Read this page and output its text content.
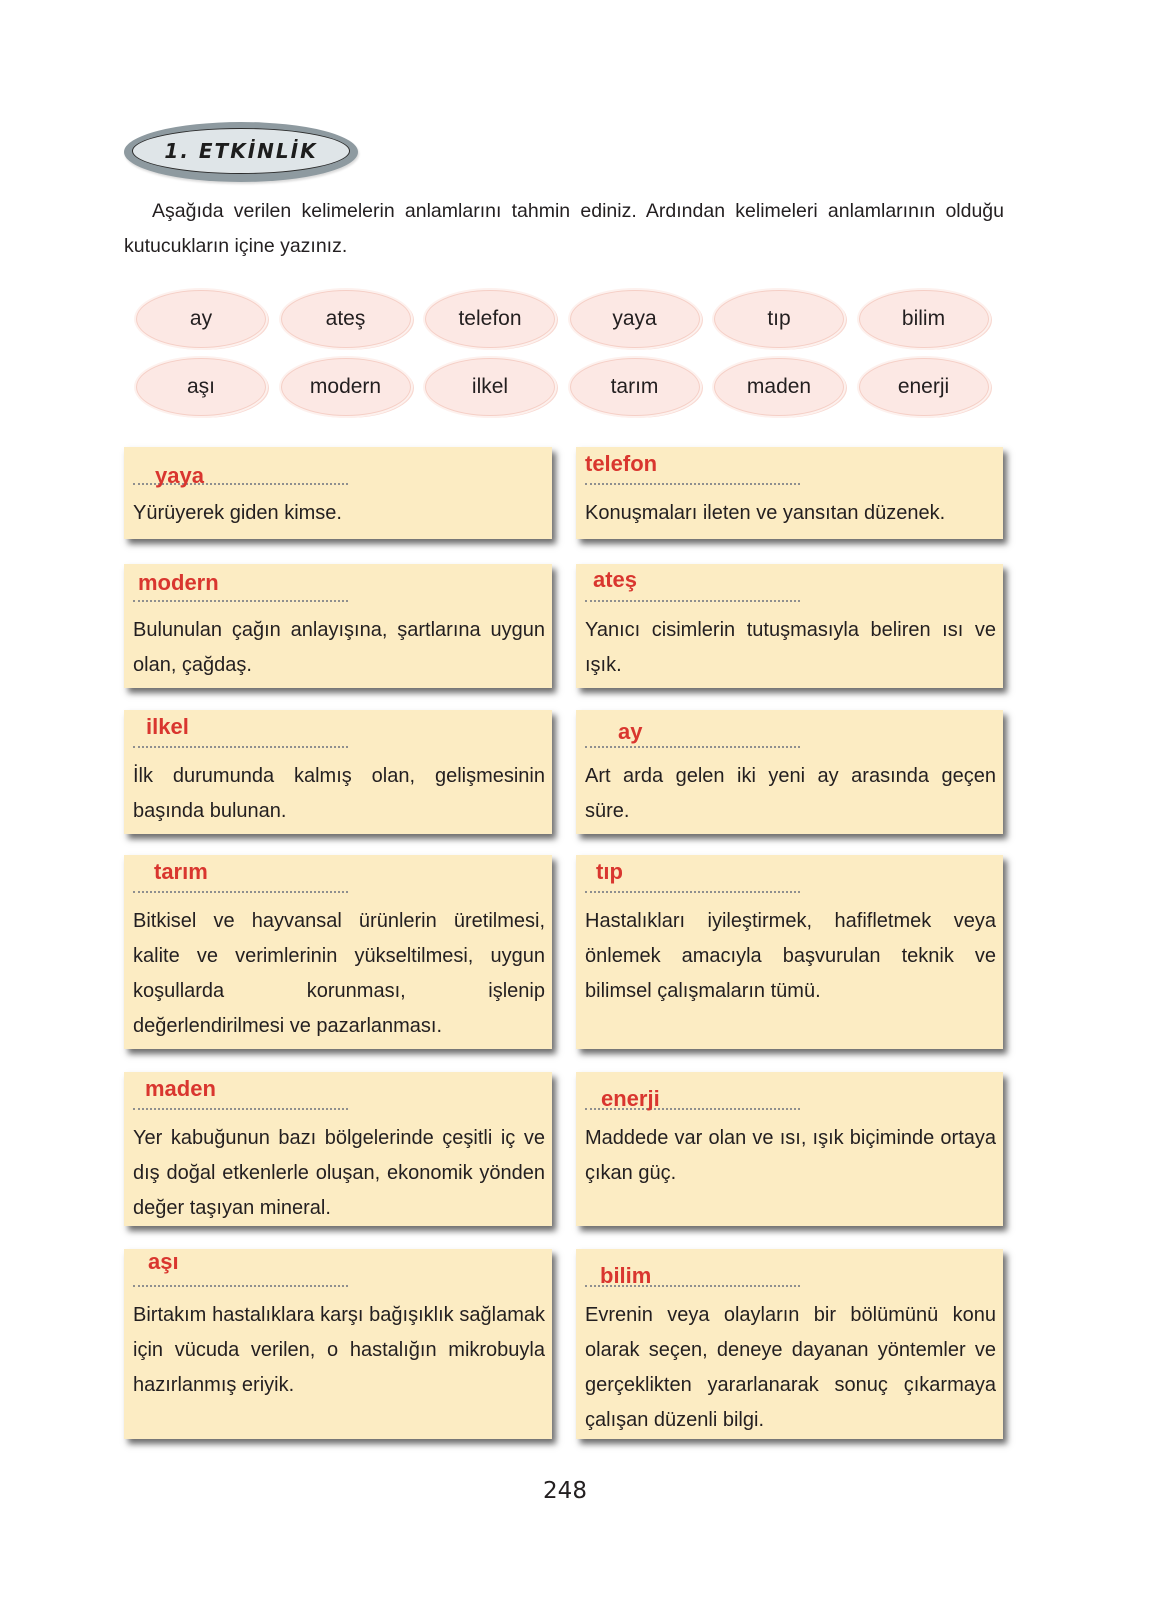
1. ETKİNLİK

Aşağıda verilen kelimelerin anlamlarını tahmin ediniz. Ardından kelimeleri anlamlarının olduğu kutucukların içine yazınız.

ay	ateş	telefon	yaya	tıp	bilim
aşı	modern	ilkel	tarım	maden	enerji
yaya
Yürüyerek giden kimse.
telefon
Konuşmaları ileten ve yansıtan düzenek.
modern
Bulunulan çağın anlayışına, şartlarına uygun olan, çağdaş.
ateş
Yanıcı cisimlerin tutuşmasıyla beliren ısı ve ışık.
ilkel
İlk durumunda kalmış olan, gelişmesinin başında bulunan.
ay
Art arda gelen iki yeni ay arasında geçen süre.
tarım
Bitkisel ve hayvansal ürünlerin üretilmesi, kalite ve verimlerinin yükseltilmesi, uygun koşullarda korunması, işlenip değerlendirilmesi ve pazarlanması.
tıp
Hastalıkları iyileştirmek, hafifletmek veya önlemek amacıyla başvurulan teknik ve bilimsel çalışmaların tümü.
maden
Yer kabuğunun bazı bölgelerinde çeşitli iç ve dış doğal etkenlerle oluşan, ekonomik yönden değer taşıyan mineral.
enerji
Maddede var olan ve ısı, ışık biçiminde ortaya çıkan güç.
aşı
Birtakım hastalıklara karşı bağışıklık sağlamak için vücuda verilen, o hastalığın mikrobuyla hazırlanmış eriyik.
bilim
Evrenin veya olayların bir bölümünü konu olarak seçen, deneye dayanan yöntemler ve gerçeklikten yararlanarak sonuç çıkarmaya çalışan düzenli bilgi.
248
